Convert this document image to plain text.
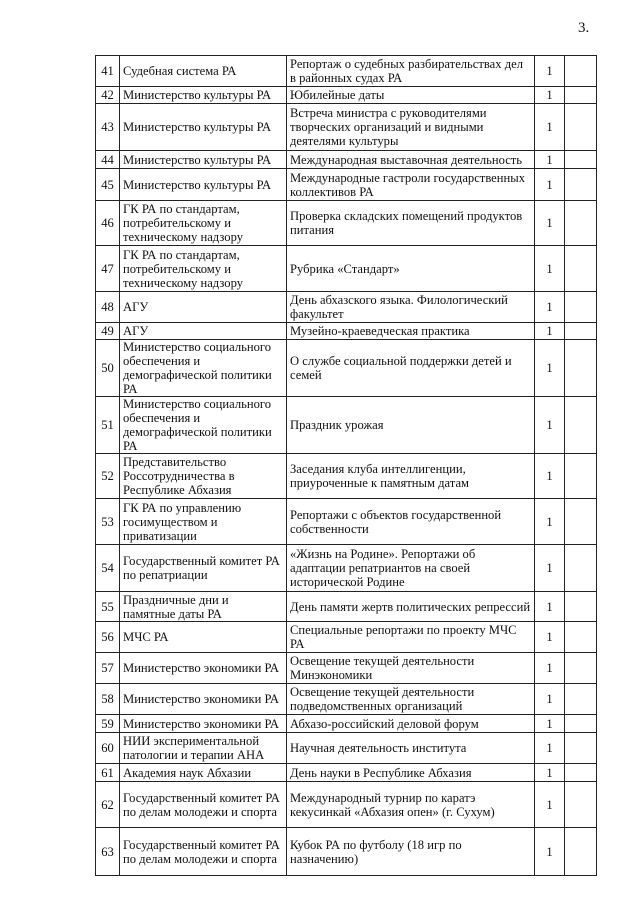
3.
41	Судебная система РА	Репортаж о судебных разбирательствах дел в районных судах РА	1	
42	Министерство культуры РА	Юбилейные даты	1	
43	Министерство культуры РА	Встреча министра с руководителями творческих организаций и видными деятелями культуры	1	
44	Министерство культуры РА	Международная выставочная деятельность	1	
45	Министерство культуры РА	Международные гастроли государственных коллективов РА	1	
46	ГК РА по стандартам, потребительскому и техническому надзору	Проверка складских помещений продуктов питания	1	
47	ГК РА по стандартам, потребительскому и техническому надзору	Рубрика «Стандарт»	1	
48	АГУ	День абхазского языка. Филологический факультет	1	
49	АГУ	Музейно-краеведческая практика	1	
50	Министерство социального обеспечения и демографической политики РА	О службе социальной поддержки детей и семей	1	
51	Министерство социального обеспечения и демографической политики РА	Праздник урожая	1	
52	Представительство Россотрудничества в Республике Абхазия	Заседания клуба интеллигенции, приуроченные к памятным датам	1	
53	ГК РА по управлению госимуществом и приватизации	Репортажи с объектов государственной собственности	1	
54	Государственный комитет РА по репатриации	«Жизнь на Родине». Репортажи об адаптации репатриантов на своей исторической Родине	1	
55	Праздничные дни и памятные даты РА	День памяти жертв политических репрессий	1	
56	МЧС РА	Специальные репортажи по проекту МЧС РА	1	
57	Министерство экономики РА	Освещение текущей деятельности Минэкономики	1	
58	Министерство экономики РА	Освещение текущей деятельности подведомственных организаций	1	
59	Министерство экономики РА	Абхазо-российский деловой форум	1	
60	НИИ экспериментальной патологии и терапии АНА	Научная деятельность института	1	
61	Академия наук Абхазии	День науки в Республике Абхазия	1	
62	Государственный комитет РА по делам молодежи и спорта	Международный турнир по каратэ кекусинкай «Абхазия опен» (г. Сухум)	1	
63	Государственный комитет РА по делам молодежи и спорта	Кубок РА по футболу (18 игр по назначению)	1	
